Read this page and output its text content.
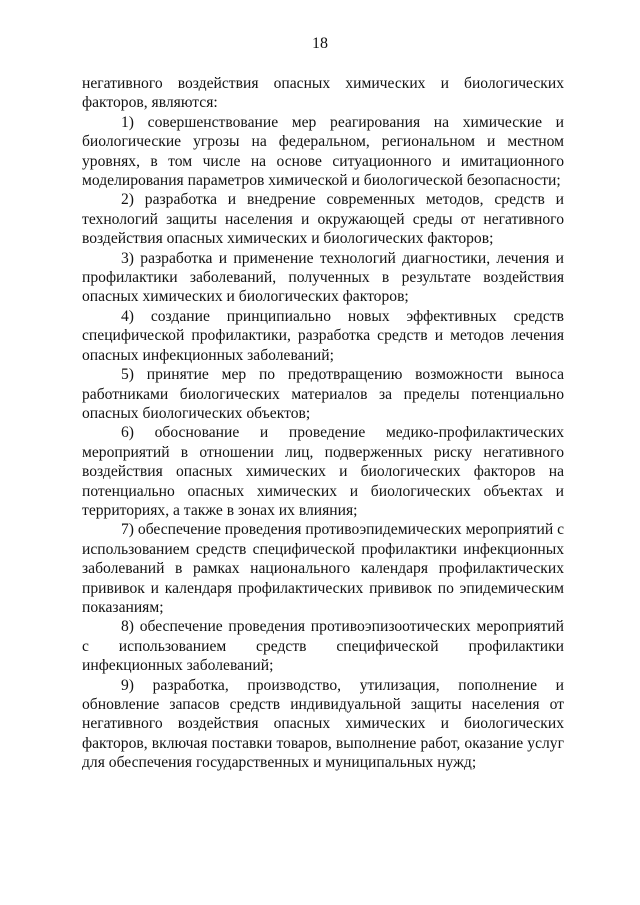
18

негативного воздействия опасных химических и биологических факторов, являются:

1) совершенствование мер реагирования на химические и биологические угрозы на федеральном, региональном и местном уровнях, в том числе на основе ситуационного и имитационного моделирования параметров химической и биологической безопасности;

2) разработка и внедрение современных методов, средств и технологий защиты населения и окружающей среды от негативного воздействия опасных химических и биологических факторов;

3) разработка и применение технологий диагностики, лечения и профилактики заболеваний, полученных в результате воздействия опасных химических и биологических факторов;

4) создание принципиально новых эффективных средств специфической профилактики, разработка средств и методов лечения опасных инфекционных заболеваний;

5) принятие мер по предотвращению возможности выноса работниками биологических материалов за пределы потенциально опасных биологических объектов;

6) обоснование и проведение медико-профилактических мероприятий в отношении лиц, подверженных риску негативного воздействия опасных химических и биологических факторов на потенциально опасных химических и биологических объектах и территориях, а также в зонах их влияния;

7) обеспечение проведения противоэпидемических мероприятий с использованием средств специфической профилактики инфекционных заболеваний в рамках национального календаря профилактических прививок и календаря профилактических прививок по эпидемическим показаниям;

8) обеспечение проведения противоэпизоотических мероприятий с использованием средств специфической профилактики инфекционных заболеваний;

9) разработка, производство, утилизация, пополнение и обновление запасов средств индивидуальной защиты населения от негативного воздействия опасных химических и биологических факторов, включая поставки товаров, выполнение работ, оказание услуг для обеспечения государственных и муниципальных нужд;
